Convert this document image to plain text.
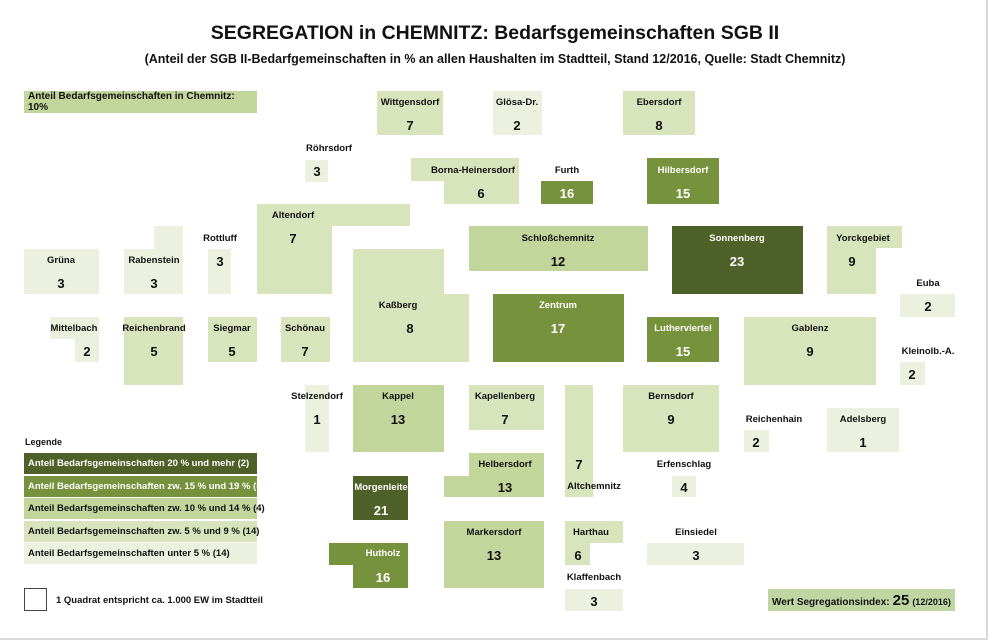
SEGREGATION in CHEMNITZ: Bedarfsgemeinschaften SGB II
(Anteil der SGB II-Bedarfgemeinschaften in % an allen Haushalten im Stadtteil, Stand 12/2016, Quelle: Stadt Chemnitz)
Anteil Bedarfsgemeinschaften in Chemnitz: 10%	Wittgensdorf
7
Glösa-Dr.
2
Ebersdorf
8
Röhrsdorf
3	Borna-Heinersdorf
6
Furth
16
Hilbersdorf
15
Altendorf
7
Rottluff
3
Grüna
3
Rabenstein
3
Schloßchemnitz
12
Sonnenberg
23
Yorckgebiet
9
Euba
2
Kaßberg
8
Zentrum
17
Mittelbach
2
Reichenbrand
5
Siegmar
5
Schönau
7
Lutherviertel
15
Gablenz
9	Kleinolb.-A.
2
Stelzendorf
1
Kappel
13
Kapellenberg
7
Bernsdorf
9	Reichenhain
2
Adelsberg
1
Helbersdorf
13	Altchemnitz
7	Erfenschlag
4
Morgenleite
21
Markersdorf
13
Harthau
6
Einsiedel
3
Hutholz
16	Klaffenbach
3
Legende
Anteil Bedarfsgemeinschaften 20 % und mehr (2)
Anteil Bedarfsgemeinschaften zw. 15 % und 19 % (5)
Anteil Bedarfsgemeinschaften zw. 10 % und 14 % (4)
Anteil Bedarfsgemeinschaften zw. 5 % und 9 % (14)
Anteil Bedarfsgemeinschaften unter 5 % (14)
1 Quadrat entspricht ca. 1.000 EW im Stadtteil	Wert Segregationsindex: 25 (12/2016)
